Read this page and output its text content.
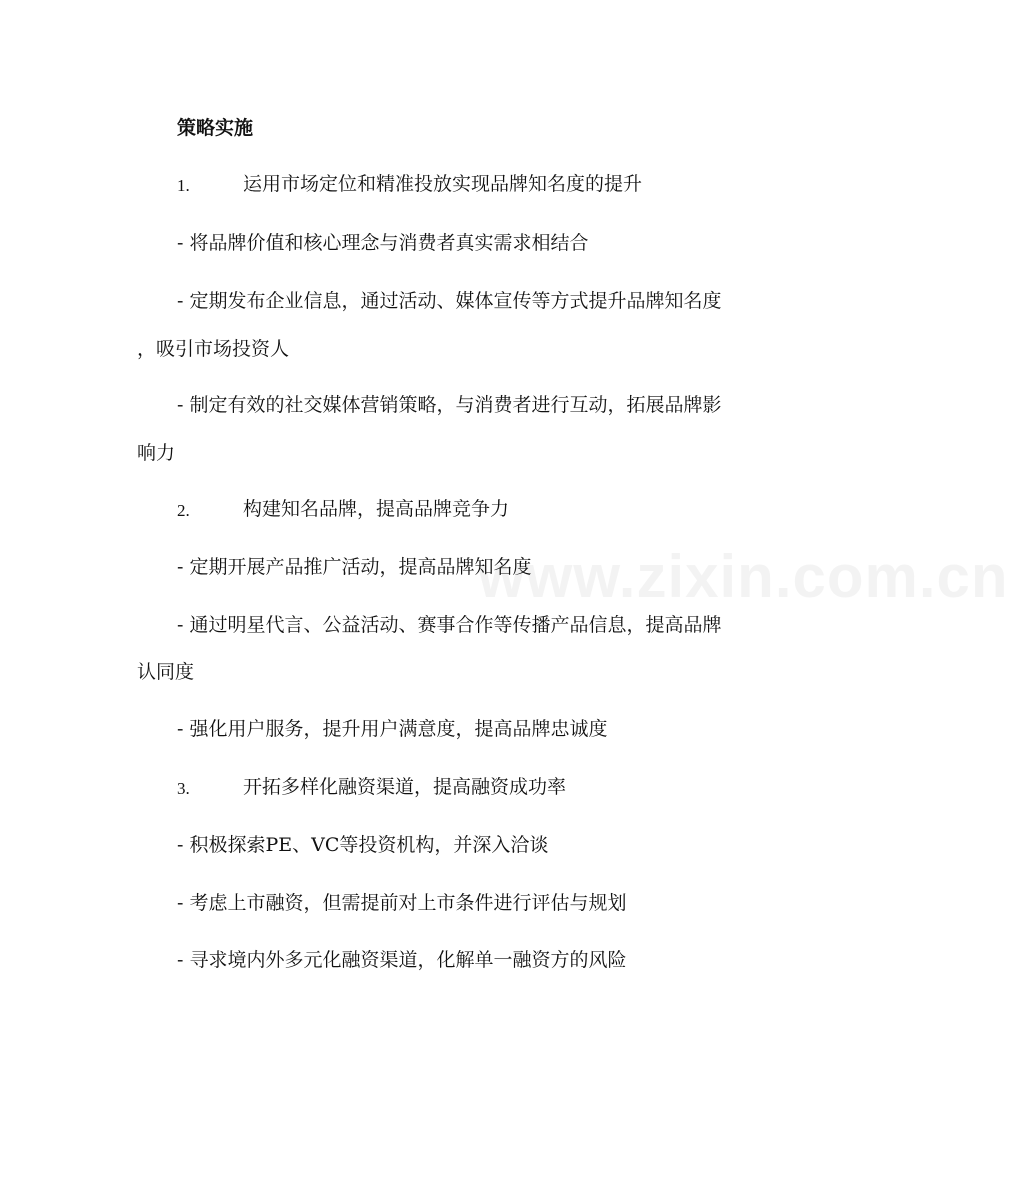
www.zixin.com.cn
策略实施
1.	运用市场定位和精准投放实现品牌知名度的提升
- 将品牌价值和核心理念与消费者真实需求相结合
- 定期发布企业信息，通过活动、媒体宣传等方式提升品牌知名度
，吸引市场投资人
- 制定有效的社交媒体营销策略，与消费者进行互动，拓展品牌影
响力
2.	构建知名品牌，提高品牌竞争力
- 定期开展产品推广活动，提高品牌知名度
- 通过明星代言、公益活动、赛事合作等传播产品信息，提高品牌
认同度
- 强化用户服务，提升用户满意度，提高品牌忠诚度
3.	开拓多样化融资渠道，提高融资成功率
- 积极探索PE、VC等投资机构，并深入洽谈
- 考虑上市融资，但需提前对上市条件进行评估与规划
- 寻求境内外多元化融资渠道，化解单一融资方的风险
